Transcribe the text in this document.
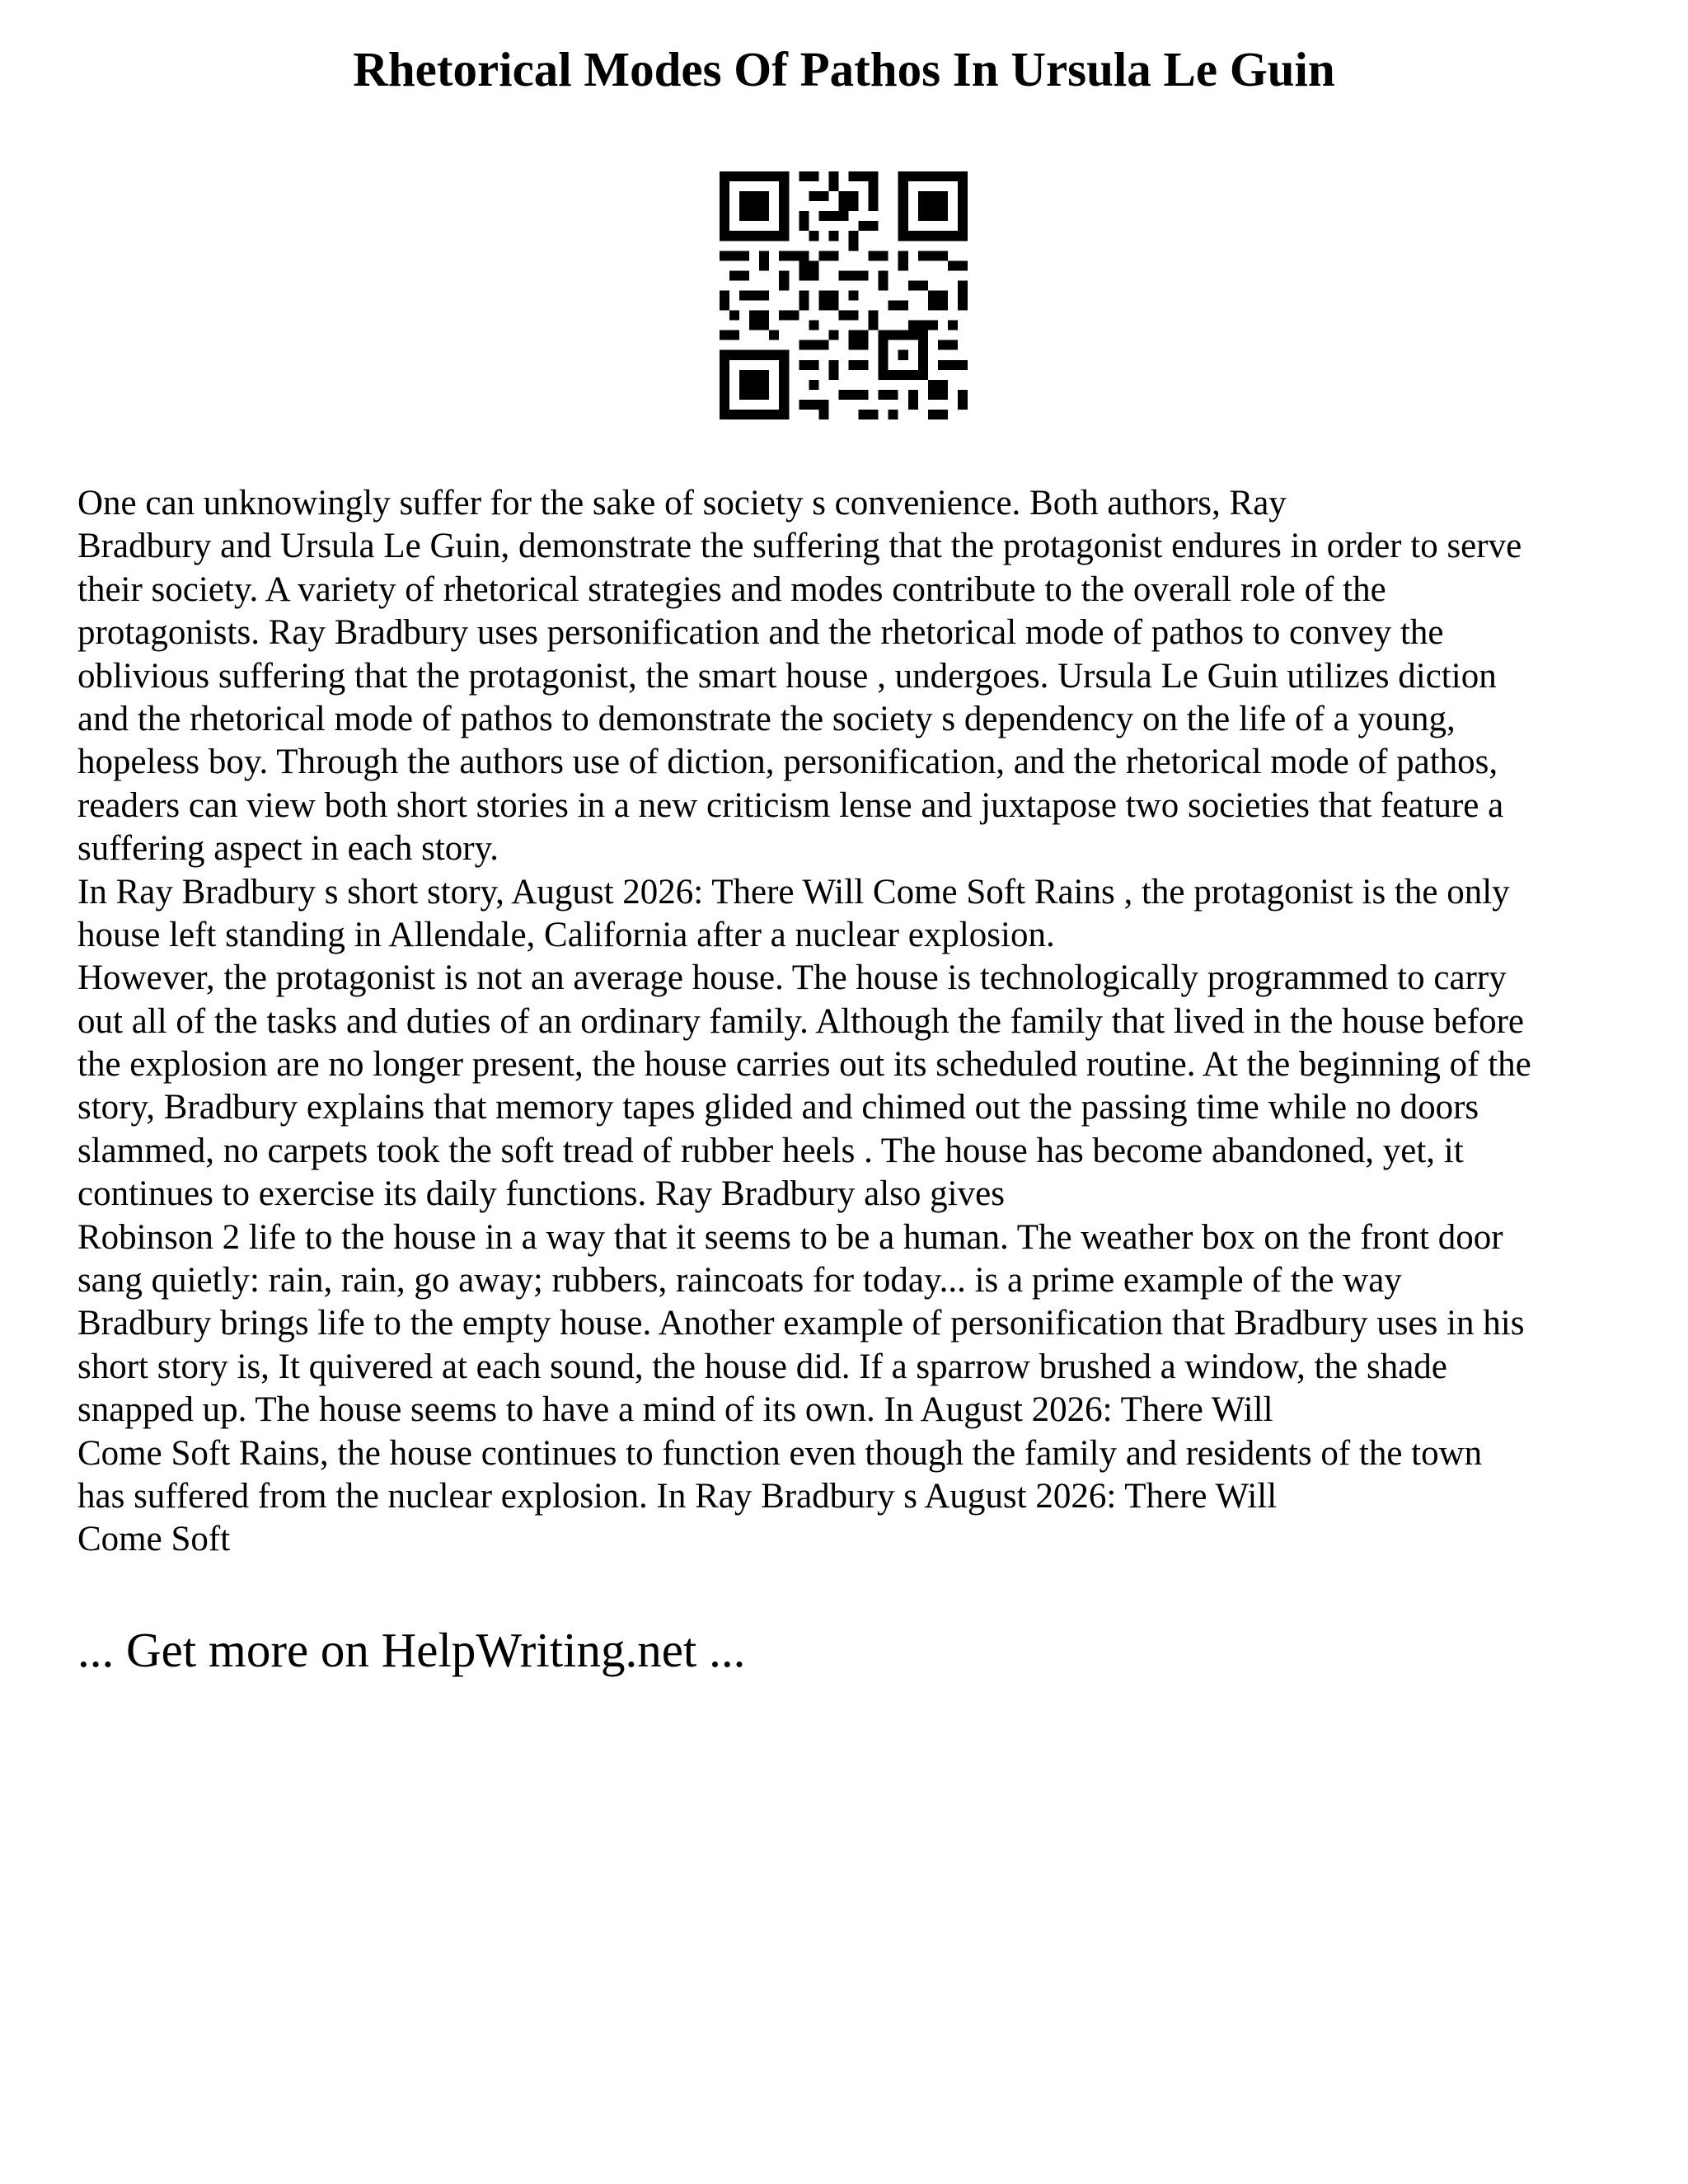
Rhetorical Modes Of Pathos In Ursula Le Guin
One can unknowingly suffer for the sake of society s convenience. Both authors, Ray
Bradbury and Ursula Le Guin, demonstrate the suffering that the protagonist endures in order to serve
their society. A variety of rhetorical strategies and modes contribute to the overall role of the
protagonists. Ray Bradbury uses personification and the rhetorical mode of pathos to convey the
oblivious suffering that the protagonist, the smart house , undergoes. Ursula Le Guin utilizes diction
and the rhetorical mode of pathos to demonstrate the society s dependency on the life of a young,
hopeless boy. Through the authors use of diction, personification, and the rhetorical mode of pathos,
readers can view both short stories in a new criticism lense and juxtapose two societies that feature a
suffering aspect in each story.
In Ray Bradbury s short story, August 2026: There Will Come Soft Rains , the protagonist is the only
house left standing in Allendale, California after a nuclear explosion.
However, the protagonist is not an average house. The house is technologically programmed to carry
out all of the tasks and duties of an ordinary family. Although the family that lived in the house before
the explosion are no longer present, the house carries out its scheduled routine. At the beginning of the
story, Bradbury explains that memory tapes glided and chimed out the passing time while no doors
slammed, no carpets took the soft tread of rubber heels . The house has become abandoned, yet, it
continues to exercise its daily functions. Ray Bradbury also gives
Robinson 2 life to the house in a way that it seems to be a human. The weather box on the front door
sang quietly: rain, rain, go away; rubbers, raincoats for today... is a prime example of the way
Bradbury brings life to the empty house. Another example of personification that Bradbury uses in his
short story is, It quivered at each sound, the house did. If a sparrow brushed a window, the shade
snapped up. The house seems to have a mind of its own. In August 2026: There Will
Come Soft Rains, the house continues to function even though the family and residents of the town
has suffered from the nuclear explosion. In Ray Bradbury s August 2026: There Will
Come Soft
... Get more on HelpWriting.net ...
